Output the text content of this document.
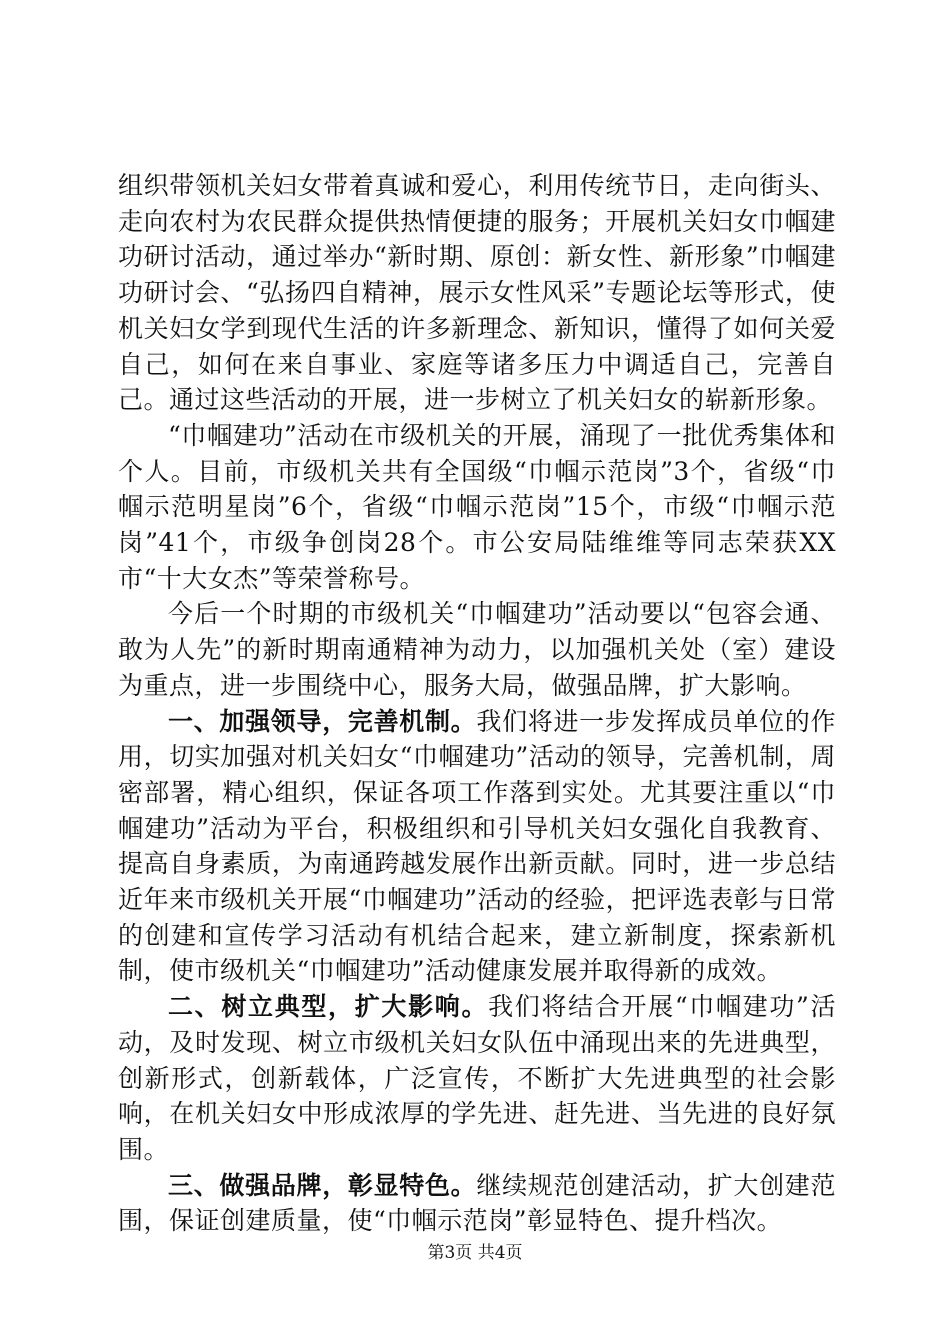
组织带领机关妇女带着真诚和爱心，利用传统节日，走向街头、走向农村为农民群众提供热情便捷的服务；开展机关妇女巾帼建功研讨活动，通过举办“新时期、原创：新女性、新形象”巾帼建功研讨会、“弘扬四自精神，展示女性风采”专题论坛等形式，使机关妇女学到现代生活的许多新理念、新知识，懂得了如何关爱自己，如何在来自事业、家庭等诸多压力中调适自己，完善自己。通过这些活动的开展，进一步树立了机关妇女的崭新形象。

“巾帼建功”活动在市级机关的开展，涌现了一批优秀集体和个人。目前，市级机关共有全国级“巾帼示范岗”3个，省级“巾帼示范明星岗”6个，省级“巾帼示范岗”15个，市级“巾帼示范岗”41个，市级争创岗28个。市公安局陆维维等同志荣获XX市“十大女杰”等荣誉称号。

今后一个时期的市级机关“巾帼建功”活动要以“包容会通、敢为人先”的新时期南通精神为动力，以加强机关处（室）建设为重点，进一步围绕中心，服务大局，做强品牌，扩大影响。

一、加强领导，完善机制。我们将进一步发挥成员单位的作用，切实加强对机关妇女“巾帼建功”活动的领导，完善机制，周密部署，精心组织，保证各项工作落到实处。尤其要注重以“巾帼建功”活动为平台，积极组织和引导机关妇女强化自我教育、提高自身素质，为南通跨越发展作出新贡献。同时，进一步总结近年来市级机关开展“巾帼建功”活动的经验，把评选表彰与日常的创建和宣传学习活动有机结合起来，建立新制度，探索新机制，使市级机关“巾帼建功”活动健康发展并取得新的成效。

二、树立典型，扩大影响。我们将结合开展“巾帼建功”活动，及时发现、树立市级机关妇女队伍中涌现出来的先进典型，创新形式，创新载体，广泛宣传，不断扩大先进典型的社会影响，在机关妇女中形成浓厚的学先进、赶先进、当先进的良好氛围。

三、做强品牌，彰显特色。继续规范创建活动，扩大创建范围，保证创建质量，使“巾帼示范岗”彰显特色、提升档次。

第3页 共4页
